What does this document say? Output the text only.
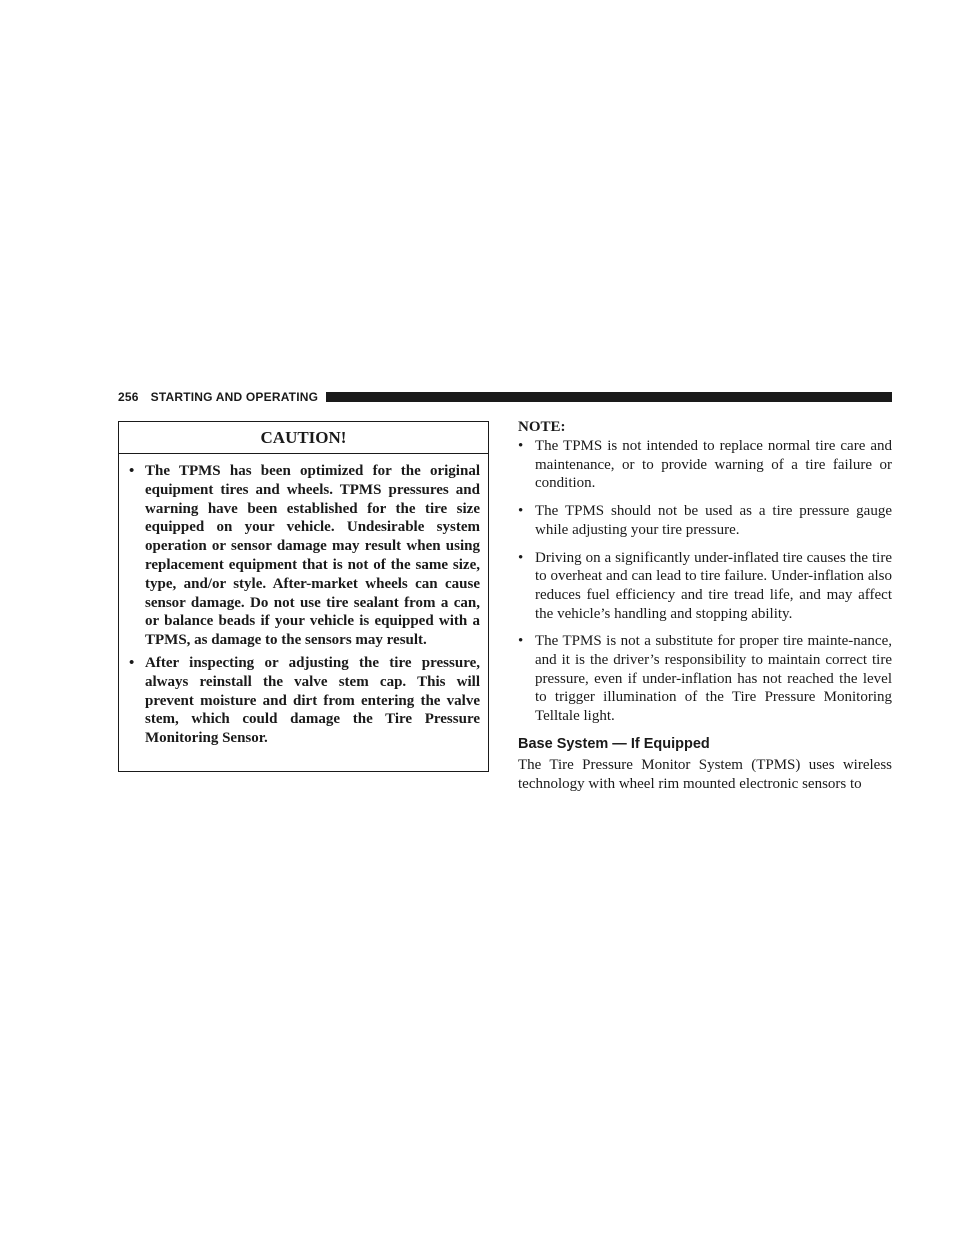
256 STARTING AND OPERATING
CAUTION!
• The TPMS has been optimized for the original equipment tires and wheels. TPMS pressures and warning have been established for the tire size equipped on your vehicle. Undesirable system operation or sensor damage may result when using replacement equipment that is not of the same size, type, and/or style. After-market wheels can cause sensor damage. Do not use tire sealant from a can, or balance beads if your vehicle is equipped with a TPMS, as damage to the sensors may result.
• After inspecting or adjusting the tire pressure, always reinstall the valve stem cap. This will prevent moisture and dirt from entering the valve stem, which could damage the Tire Pressure Monitoring Sensor.
NOTE:
• The TPMS is not intended to replace normal tire care and maintenance, or to provide warning of a tire failure or condition.
• The TPMS should not be used as a tire pressure gauge while adjusting your tire pressure.
• Driving on a significantly under-inflated tire causes the tire to overheat and can lead to tire failure. Under-inflation also reduces fuel efficiency and tire tread life, and may affect the vehicle’s handling and stopping ability.
• The TPMS is not a substitute for proper tire mainte-nance, and it is the driver’s responsibility to maintain correct tire pressure, even if under-inflation has not reached the level to trigger illumination of the Tire Pressure Monitoring Telltale light.
Base System — If Equipped
The Tire Pressure Monitor System (TPMS) uses wireless technology with wheel rim mounted electronic sensors to
